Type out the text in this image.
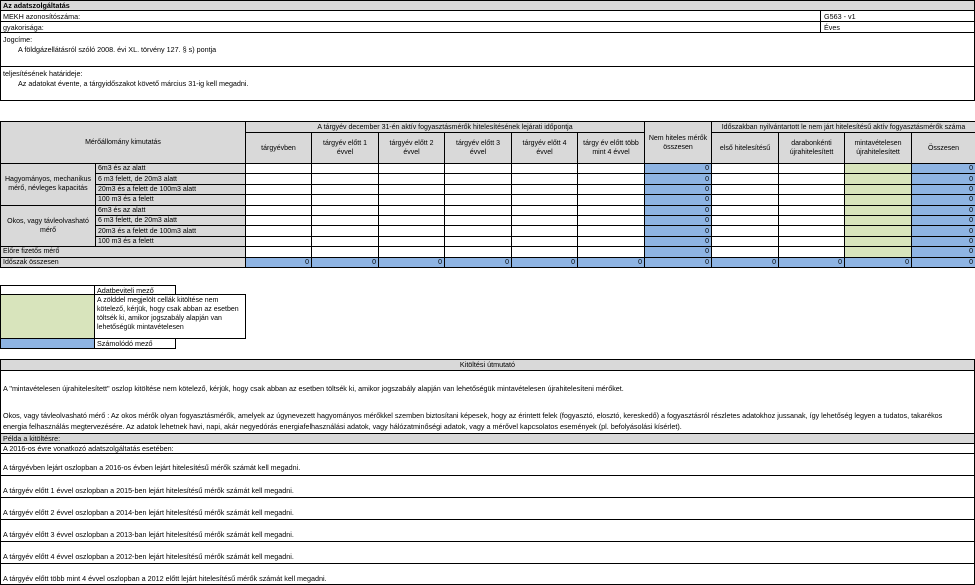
Az adatszolgáltatás
MEKH azonosítószáma:	G563 - v1
gyakorisága:	Éves
Jogcíme:
A földgázellátásról szóló 2008. évi XL. törvény 127. § s) pontja
teljesítésének határideje:
Az adatokat évente, a tárgyidőszakot követő március 31-ig kell megadni.
Mérőállomány kimutatás		A tárgyév december 31-én aktív fogyasztásmérők hitelesítésének lejárati időpontja						Nem hiteles mérők összesen	Időszakban nyilvántartott le nem járt hitelesítésű aktív fogyasztásmérők száma			
		tárgyévben	tárgyév előtt 1 évvel	tárgyév előtt 2 évvel	tárgyév előtt 3 évvel	tárgyév előtt 4 évvel	tárgy év előtt több mint 4 évvel		első hitelesítésű	darabonkénti újrahitelesített	mintavételesen újrahitelesített	Összesen
Hagyományos, mechanikus mérő, névleges kapacitás	6m3 és az alatt							0				0
	6 m3 felett, de 20m3 alatt							0				0
	20m3 és a felett de 100m3 alatt							0				0
	100 m3 és a felett							0				0
Okos, vagy távleolvasható mérő	6m3 és az alatt							0				0
	6 m3 felett, de 20m3 alatt							0				0
	20m3 és a felett de 100m3 alatt							0				0
	100 m3 és a felett							0				0
Előre fizetős mérő								0				0
Időszak összesen		0	0	0	0	0	0	0	0	0	0	0
Adatbeviteli mező
A zölddel megjelölt cellák kitöltése nem kötelező, kérjük, hogy csak abban az esetben töltsék ki, amikor jogszabály alapján van lehetőségük mintavételesen
Számolódó mező
Kitöltési útmutató
A "mintavételesen újrahitelesített" oszlop kitöltése nem kötelező, kérjük, hogy csak abban az esetben töltsék ki, amikor jogszabály alapján van lehetőségük mintavételesen újrahitelesíteni mérőket.
Okos, vagy távleolvasható mérő : Az okos mérők olyan fogyasztásmérők, amelyek az úgynevezett hagyományos mérőkkel szemben biztosítani képesek, hogy az érintett felek (fogyasztó, elosztó, kereskedő) a fogyasztásról részletes adatokhoz jussanak, így lehetőség legyen a tudatos, takarékos
energia felhasználás megtervezésére. Az adatok lehetnek havi, napi, akár negyedórás energiafelhasználási adatok, vagy hálózatminőségi adatok, vagy a mérővel kapcsolatos események (pl. befolyásolási kísérlet).
Példa a kitöltésre:
A 2016-os évre vonatkozó adatszolgáltatás esetében:
A tárgyévben lejárt oszlopban a 2016-os évben lejárt hitelesítésű mérők számát kell megadni.
A tárgyév előtt 1 évvel oszlopban a 2015-ben lejárt hitelesítésű mérők számát kell megadni.
A tárgyév előtt 2 évvel oszlopban a 2014-ben lejárt hitelesítésű mérők számát kell megadni.
A tárgyév előtt 3 évvel oszlopban a 2013-ban lejárt hitelesítésű mérők számát kell megadni.
A tárgyév előtt 4 évvel oszlopban a 2012-ben lejárt hitelesítésű mérők számát kell megadni.
A tárgyév előtt több mint 4 évvel oszlopban a 2012 előtt lejárt hitelesítésű mérők számát kell megadni.
